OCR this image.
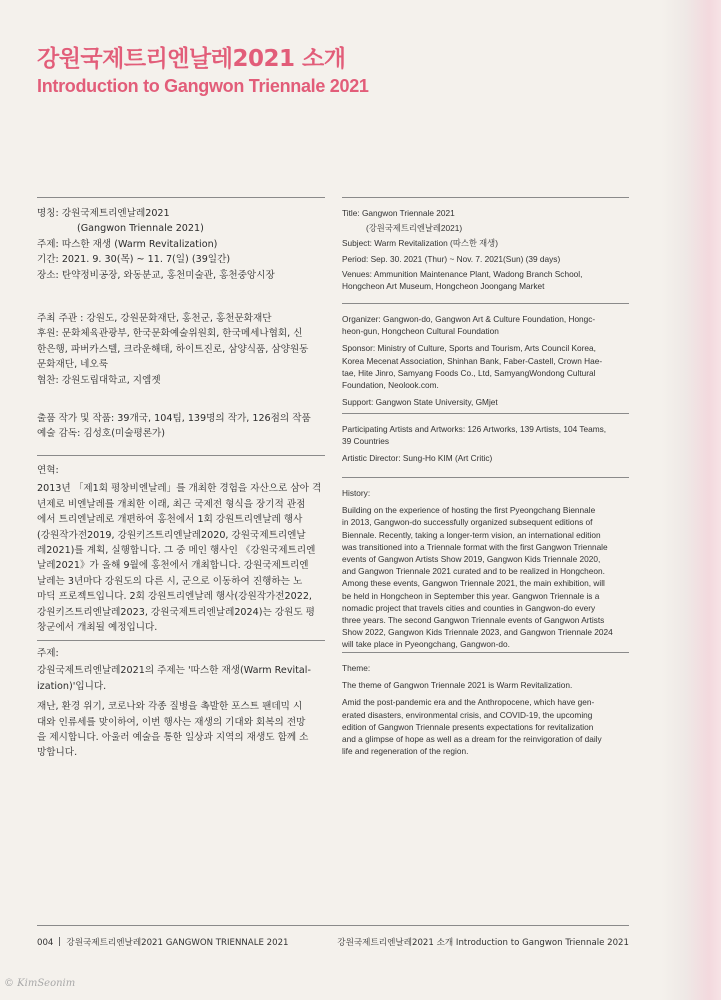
강원국제트리엔날레2021 소개
Introduction to Gangwon Triennale 2021
명칭: 강원국제트리엔날레2021
(Gangwon Triennale 2021)
주제: 따스한 재생 (Warm Revitalization)
기간: 2021. 9. 30(목) ~ 11. 7(일) (39일간)
장소: 탄약정비공장, 와동분교, 홍천미술관, 홍천중앙시장
주최 주관 : 강원도, 강원문화재단, 홍천군, 홍천문화재단
후원: 문화체육관광부, 한국문화예술위원회, 한국메세나협회, 신
한은행, 파버카스텔, 크라운해태, 하이트진로, 삼양식품, 삼양원동
문화재단, 네오룩
협찬: 강원도립대학교, 지엠젯
출품 작가 및 작품: 39개국, 104팀, 139명의 작가, 126점의 작품
예술 감독: 김성호(미술평론가)
연혁:
2013년 「제1회 평창비엔날레」를 개최한 경험을 자산으로 삼아 격
년제로 비엔날레를 개최한 이래, 최근 국제전 형식을 장기적 관점
에서 트리엔날레로 개편하여 홍천에서 1회 강원트리엔날레 행사
(강원작가전2019, 강원키즈트리엔날레2020, 강원국제트리엔날
레2021)를 계획, 실행합니다. 그 중 메인 행사인 《강원국제트리엔
날레2021》가 올해 9월에 홍천에서 개최합니다. 강원국제트리엔
날레는 3년마다 강원도의 다른 시, 군으로 이동하여 진행하는 노
마딕 프로젝트입니다. 2회 강원트리엔날레 행사(강원작가전2022,
강원키즈트리엔날레2023, 강원국제트리엔날레2024)는 강원도 평
창군에서 개최될 예정입니다.
주제:
강원국제트리엔날레2021의 주제는 '따스한 재생(Warm Revital-
ization)'입니다.
재난, 환경 위기, 코로나와 각종 질병을 촉발한 포스트 팬데믹 시
대와 인류세를 맞이하여, 이번 행사는 재생의 기대와 회복의 전망
을 제시합니다. 아울러 예술을 통한 일상과 지역의 재생도 함께 소
망합니다.
Title: Gangwon Triennale 2021
(강원국제트리엔날레2021)
Subject: Warm Revitalization (따스한 재생)
Period: Sep. 30. 2021 (Thur) ~ Nov. 7. 2021(Sun) (39 days)
Venues: Ammunition Maintenance Plant, Wadong Branch School,
Hongcheon Art Museum, Hongcheon Joongang Market
Organizer: Gangwon-do, Gangwon Art & Culture Foundation, Hongc-
heon-gun, Hongcheon Cultural Foundation
Sponsor: Ministry of Culture, Sports and Tourism, Arts Council Korea,
Korea Mecenat Association, Shinhan Bank, Faber-Castell, Crown Hae-
tae, Hite Jinro, Samyang Foods Co., Ltd, SamyangWondong Cultural
Foundation, Neolook.com.
Support: Gangwon State University, GMjet
Participating Artists and Artworks: 126 Artworks, 139 Artists, 104 Teams,
39 Countries
Artistic Director: Sung-Ho KIM (Art Critic)
History:
Building on the experience of hosting the first Pyeongchang Biennale
in 2013, Gangwon-do successfully organized subsequent editions of
Biennale. Recently, taking a longer-term vision, an international edition
was transitioned into a Triennale format with the first Gangwon Triennale
events of Gangwon Artists Show 2019, Gangwon Kids Triennale 2020,
and Gangwon Triennale 2021 curated and to be realized in Hongcheon.
Among these events, Gangwon Triennale 2021, the main exhibition, will
be held in Hongcheon in September this year. Gangwon Triennale is a
nomadic project that travels cities and counties in Gangwon-do every
three years. The second Gangwon Triennale events of Gangwon Artists
Show 2022, Gangwon Kids Triennale 2023, and Gangwon Triennale 2024
will take place in Pyeongchang, Gangwon-do.
Theme:
The theme of Gangwon Triennale 2021 is Warm Revitalization.
Amid the post-pandemic era and the Anthropocene, which have gen-
erated disasters, environmental crisis, and COVID-19, the upcoming
edition of Gangwon Triennale presents expectations for revitalization
and a glimpse of hope as well as a dream for the reinvigoration of daily
life and regeneration of the region.
004 강원국제트리엔날레2021 GANGWON TRIENNALE 2021	강원국제트리엔날레2021 소개 Introduction to Gangwon Triennale 2021
© KimSeonim
